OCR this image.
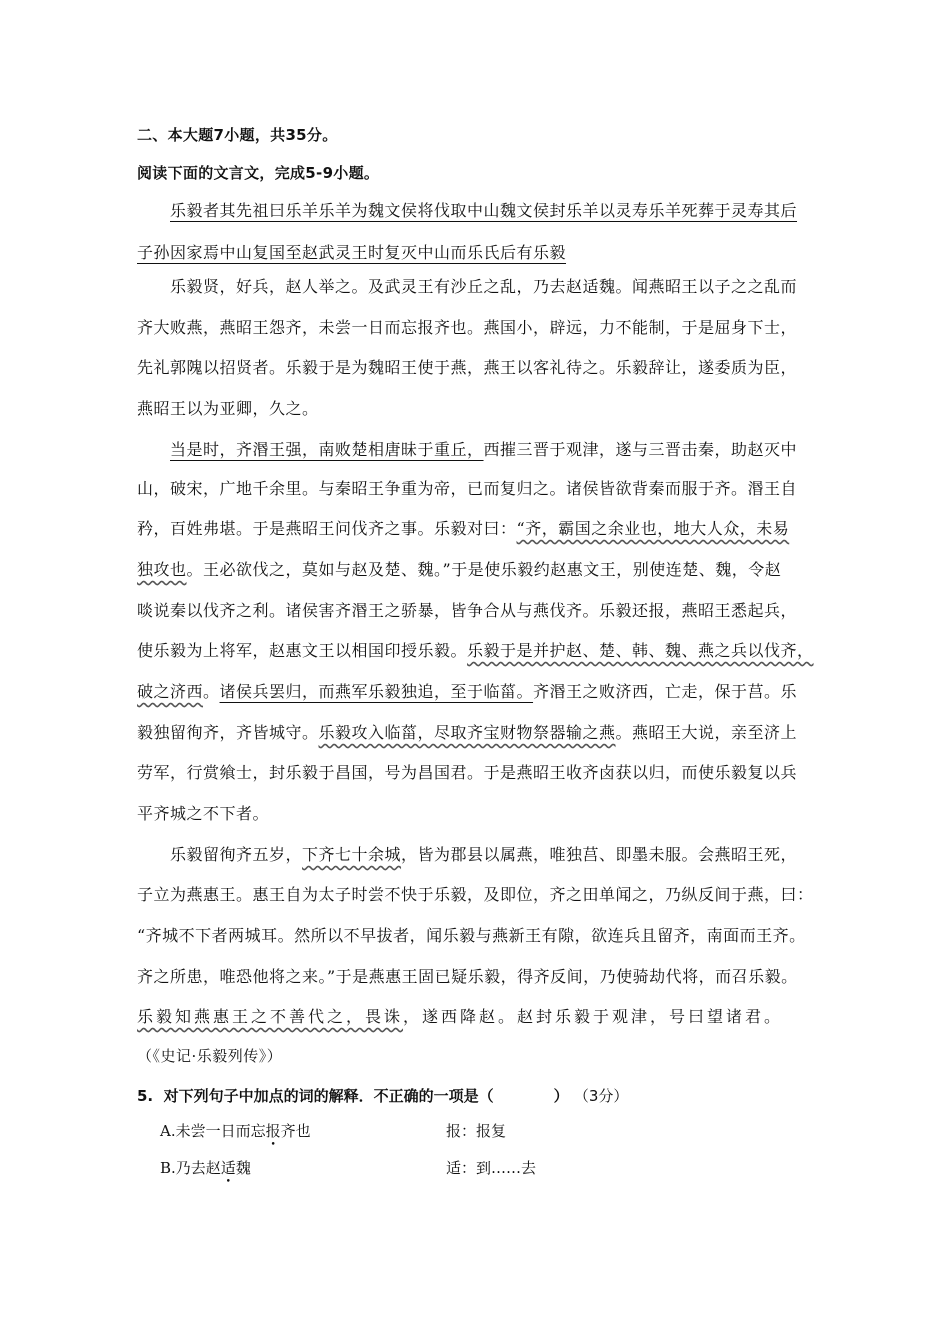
二、本大题7小题，共35分。
阅读下面的文言文，完成5-9小题。
乐毅者其先祖曰乐羊乐羊为魏文侯将伐取中山魏文侯封乐羊以灵寿乐羊死葬于灵寿其后
子孙因家焉中山复国至赵武灵王时复灭中山而乐氏后有乐毅
乐毅贤，好兵，赵人举之。及武灵王有沙丘之乱，乃去赵适魏。闻燕昭王以子之之乱而
齐大败燕，燕昭王怨齐，未尝一日而忘报齐也。燕国小，辟远，力不能制，于是屈身下士，
先礼郭隗以招贤者。乐毅于是为魏昭王使于燕，燕王以客礼待之。乐毅辞让，遂委质为臣，
燕昭王以为亚卿，久之。
当是时，齐湣王强，南败楚相唐昧于重丘，西摧三晋于观津，遂与三晋击秦，助赵灭中
山，破宋，广地千余里。与秦昭王争重为帝，已而复归之。诸侯皆欲背秦而服于齐。湣王自
矜，百姓弗堪。于是燕昭王问伐齐之事。乐毅对曰：“齐，霸国之余业也，地大人众，未易
独攻也。王必欲伐之，莫如与赵及楚、魏。”于是使乐毅约赵惠文王，别使连楚、魏，令赵
啖说秦以伐齐之利。诸侯害齐湣王之骄暴，皆争合从与燕伐齐。乐毅还报，燕昭王悉起兵，
使乐毅为上将军，赵惠文王以相国印授乐毅。乐毅于是并护赵、楚、韩、魏、燕之兵以伐齐，
破之济西。诸侯兵罢归，而燕军乐毅独追，至于临菑。齐湣王之败济西，亡走，保于莒。乐
毅独留徇齐，齐皆城守。乐毅攻入临菑，尽取齐宝财物祭器输之燕。燕昭王大说，亲至济上
劳军，行赏飨士，封乐毅于昌国，号为昌国君。于是燕昭王收齐卤获以归，而使乐毅复以兵
平齐城之不下者。
乐毅留徇齐五岁，下齐七十余城，皆为郡县以属燕，唯独莒、即墨未服。会燕昭王死，
子立为燕惠王。惠王自为太子时尝不快于乐毅，及即位，齐之田单闻之，乃纵反间于燕，曰：
“齐城不下者两城耳。然所以不早拔者，闻乐毅与燕新王有隙，欲连兵且留齐，南面而王齐。
齐之所患，唯恐他将之来。”于是燕惠王固已疑乐毅，得齐反间，乃使骑劫代将，而召乐毅。
乐毅知燕惠王之不善代之，畏诛，遂西降赵。赵封乐毅于观津，号曰望诸君。
（《史记·乐毅列传》）
5. 对下列句子中加点的词的解释．不正确的一项是（　　　　） （3分）
A.未尝一日而忘报齐也	报：报复
B.乃去赵适魏	适：到……去
